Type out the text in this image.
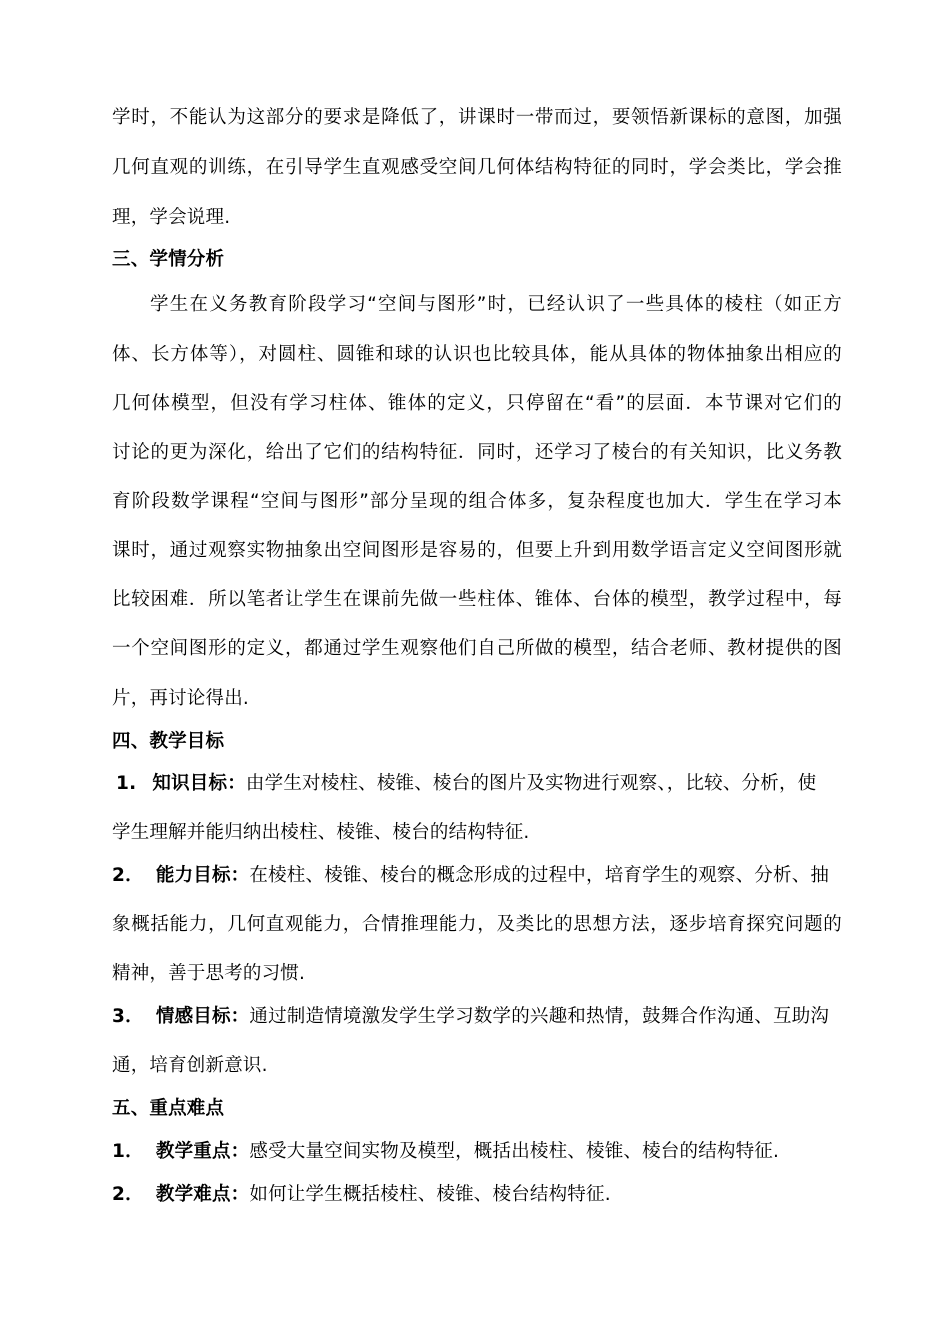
学时，不能认为这部分的要求是降低了，讲课时一带而过，要领悟新课标的意图，加强
几何直观的训练，在引导学生直观感受空间几何体结构特征的同时，学会类比，学会推
理，学会说理.
三、学情分析
学生在义务教育阶段学习“空间与图形”时，已经认识了一些具体的棱柱（如正方
体、长方体等），对圆柱、圆锥和球的认识也比较具体，能从具体的物体抽象出相应的
几何体模型，但没有学习柱体、锥体的定义，只停留在“看”的层面．本节课对它们的
讨论的更为深化，给出了它们的结构特征．同时，还学习了棱台的有关知识，比义务教
育阶段数学课程“空间与图形”部分呈现的组合体多，复杂程度也加大．学生在学习本
课时，通过观察实物抽象出空间图形是容易的，但要上升到用数学语言定义空间图形就
比较困难．所以笔者让学生在课前先做一些柱体、锥体、台体的模型，教学过程中，每
一个空间图形的定义，都通过学生观察他们自己所做的模型，结合老师、教材提供的图
片，再讨论得出.
四、教学目标
1. 知识目标：由学生对棱柱、棱锥、棱台的图片及实物进行观察、，比较、分析，使
学生理解并能归纳出棱柱、棱锥、棱台的结构特征.
2． 能力目标：在棱柱、棱锥、棱台的概念形成的过程中，培育学生的观察、分析、抽
象概括能力，几何直观能力，合情推理能力，及类比的思想方法，逐步培育探究问题的
精神，善于思考的习惯.
3． 情感目标：通过制造情境激发学生学习数学的兴趣和热情，鼓舞合作沟通、互助沟
通，培育创新意识.
五、重点难点
1． 教学重点：感受大量空间实物及模型，概括出棱柱、棱锥、棱台的结构特征.
2． 教学难点：如何让学生概括棱柱、棱锥、棱台结构特征.
